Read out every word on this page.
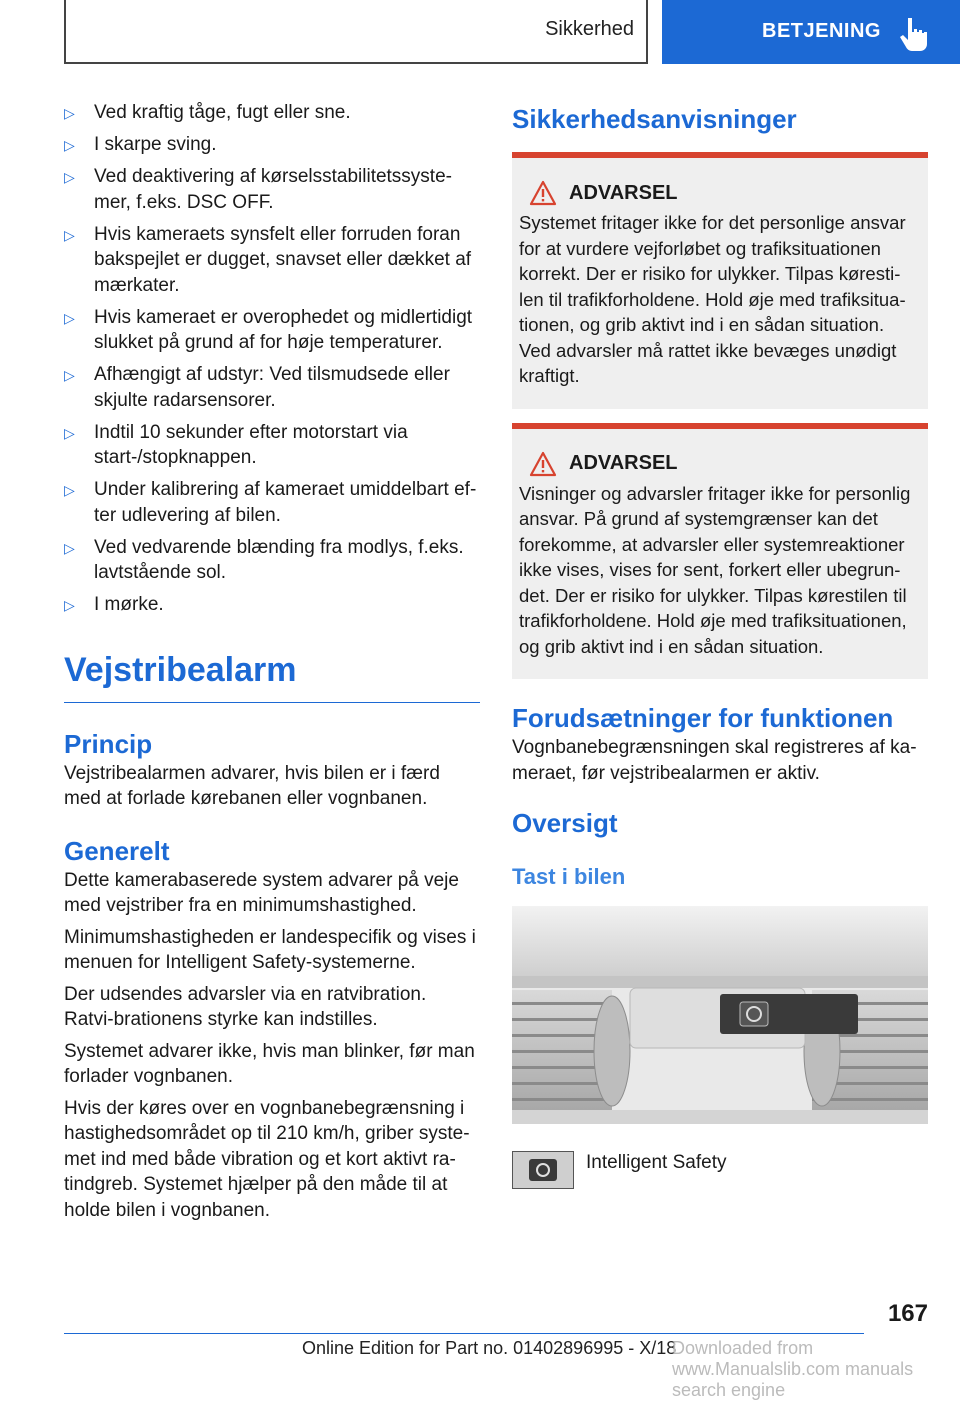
Sikkerhed	BETJENING
▷ Ved kraftig tåge, fugt eller sne.
▷ I skarpe sving.
▷ Ved deaktivering af kørselsstabilitetssyste-mer, f.eks. DSC OFF.
▷ Hvis kameraets synsfelt eller forruden foran bakspejlet er dugget, snavset eller dækket af mærkater.
▷ Hvis kameraet er overophedet og midlertidigt slukket på grund af for høje temperaturer.
▷ Afhængigt af udstyr: Ved tilsmudsede eller skjulte radarsensorer.
▷ Indtil 10 sekunder efter motorstart via start-/stopknappen.
▷ Under kalibrering af kameraet umiddelbart ef-ter udlevering af bilen.
▷ Ved vedvarende blænding fra modlys, f.eks. lavtstående sol.
▷ I mørke.
Vejstribealarm
Princip

Vejstribealarmen advarer, hvis bilen er i færd med at forlade kørebanen eller vognbanen.

Generelt

Dette kamerabaserede system advarer på veje med vejstriber fra en minimumshastighed.

Minimumshastigheden er landespecifik og vises i menuen for Intelligent Safety-systemerne.

Der udsendes advarsler via en ratvibration. Ratvi-brationens styrke kan indstilles.

Systemet advarer ikke, hvis man blinker, før man forlader vognbanen.

Hvis der køres over en vognbanebegrænsning i hastighedsområdet op til 210 km/h, griber syste-met ind med både vibration og et kort aktivt ra-tindgreb. Systemet hjælper på den måde til at holde bilen i vognbanen.

Sikkerhedsanvisninger
ADVARSEL

Systemet fritager ikke for det personlige ansvar for at vurdere vejforløbet og trafiksituationen korrekt. Der er risiko for ulykker. Tilpas køresti-len til trafikforholdene. Hold øje med trafiksitua-tionen, og grib aktivt ind i en sådan situation. Ved advarsler må rattet ikke bevæges unødigt kraftigt.

ADVARSEL

Visninger og advarsler fritager ikke for personlig ansvar. På grund af systemgrænser kan det forekomme, at advarsler eller systemreaktioner ikke vises, vises for sent, forkert eller ubegrun-det. Der er risiko for ulykker. Tilpas kørestilen til trafikforholdene. Hold øje med trafiksituationen, og grib aktivt ind i en sådan situation.

Forudsætninger for funktionen

Vognbanebegrænsningen skal registreres af ka-meraet, før vejstribealarmen er aktiv.

Oversigt
Tast i bilen
Intelligent Safety
167
Online Edition for Part no. 01402896995 - X/18
Downloaded from www.Manualslib.com manuals search engine
